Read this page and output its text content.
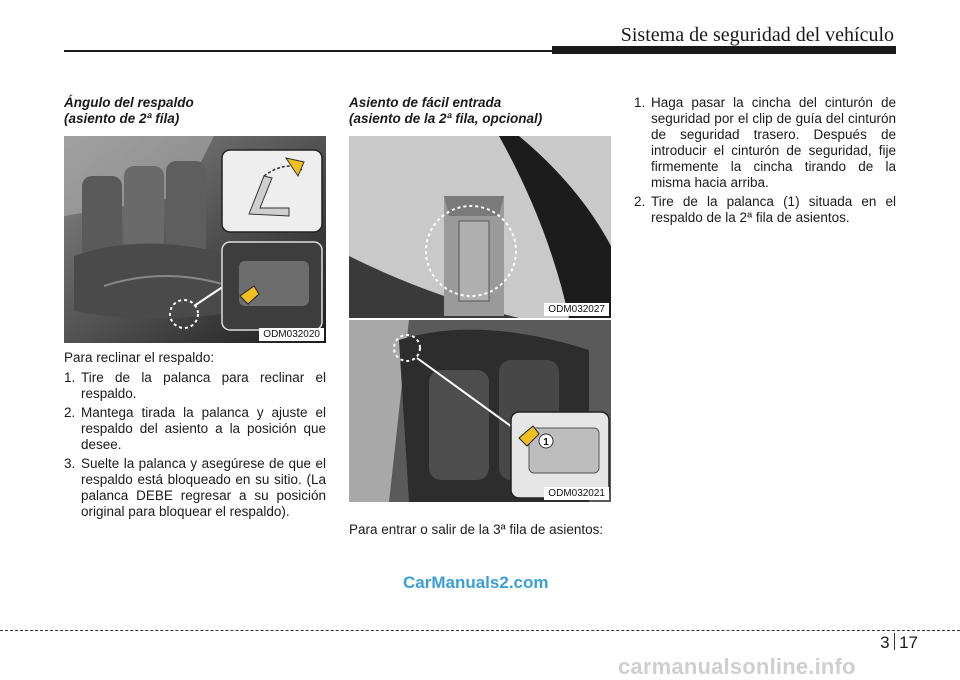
Sistema de seguridad del vehículo

Ángulo del respaldo

(asiento de 2ª fila)

ODM032020

Para reclinar el respaldo:

1. Tire de la palanca para reclinar el respaldo.
2. Mantega tirada la palanca y ajuste el respaldo del asiento a la posición que desee.
3. Suelte la palanca y asegúrese de que el respaldo está bloqueado en su sitio. (La palanca DEBE regresar a su posición original para bloquear el respaldo).

Asiento de fácil entrada

(asiento de la 2ª fila, opcional)

ODM032027
1
ODM032021

Para entrar o salir de la 3ª fila de asientos:

1. Haga pasar la cincha del cinturón de seguridad por el clip de guía del cinturón de seguridad trasero. Después de introducir el cinturón de seguridad, fije firmemente la cincha tirando de la misma hacia arriba.
2. Tire de la palanca (1) situada en el respaldo de la 2ª fila de asientos.
CarManuals2.com
3 17
carmanualsonline.info
